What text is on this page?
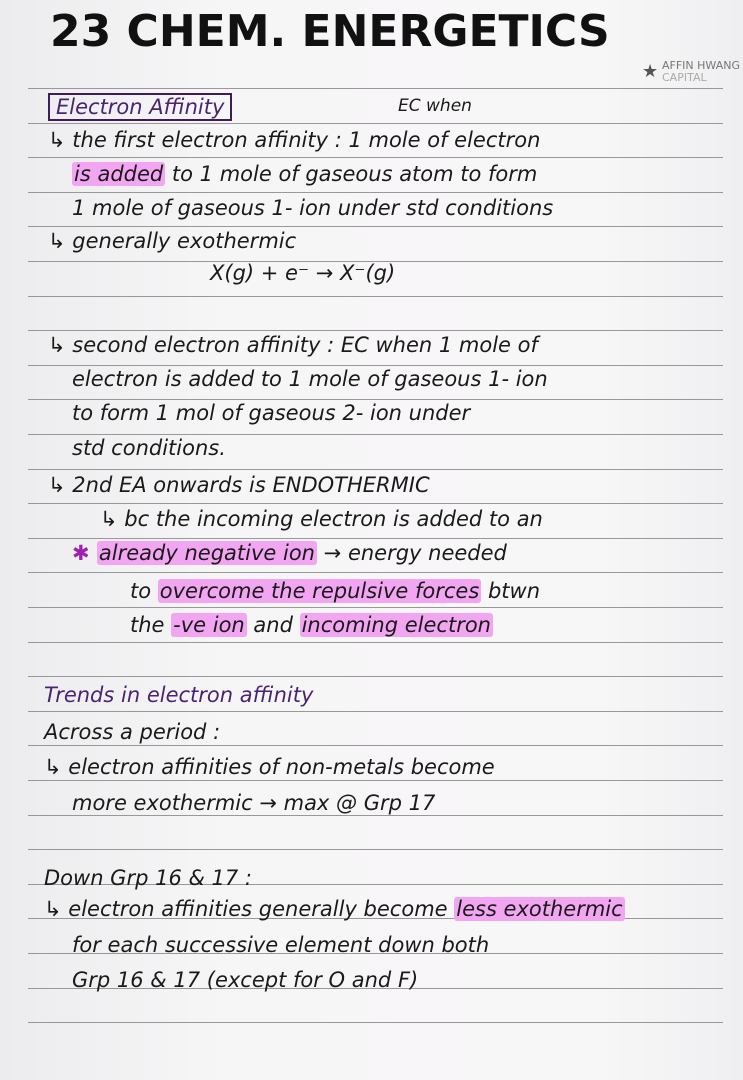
23 CHEM. ENERGETICS
★ AFFIN HWANG
CAPITAL
Electron Affinity	EC when
↳ the first electron affinity : 1 mole of electron
is added to 1 mole of gaseous atom to form
1 mole of gaseous 1- ion under std conditions
↳ generally exothermic
X(g) + e⁻ → X⁻(g)
↳ second electron affinity : EC when 1 mole of
electron is added to 1 mole of gaseous 1- ion
to form 1 mol of gaseous 2- ion under
std conditions.
↳ 2nd EA onwards is ENDOTHERMIC
↳ bc the incoming electron is added to an
✱ already negative ion → energy needed
to overcome the repulsive forces btwn
the -ve ion and incoming electron
Trends in electron affinity
Across a period :
↳ electron affinities of non-metals become
more exothermic → max @ Grp 17
Down Grp 16 & 17 :
↳ electron affinities generally become less exothermic
for each successive element down both
Grp 16 & 17 (except for O and F)
